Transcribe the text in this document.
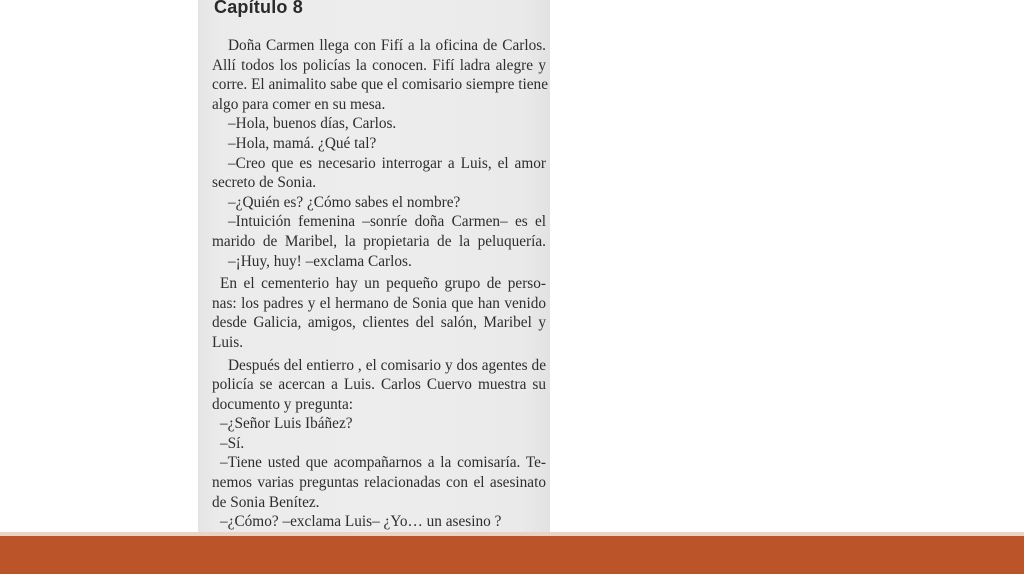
Capítulo 8
Doña Carmen llega con Fifí a la oficina de Carlos.
Allí todos los policías la conocen. Fifí ladra alegre y
corre. El animalito sabe que el comisario siempre tiene
algo para comer en su mesa.
–Hola, buenos días, Carlos.
–Hola, mamá. ¿Qué tal?
–Creo que es necesario interrogar a Luis, el amor
secreto de Sonia.
–¿Quién es? ¿Cómo sabes el nombre?
–Intuición femenina –sonríe doña Carmen– es el
marido de Maribel, la propietaria de la peluquería.
–¡Huy, huy! –exclama Carlos.
En el cementerio hay un pequeño grupo de perso-
nas: los padres y el hermano de Sonia que han venido
desde Galicia, amigos, clientes del salón, Maribel y
Luis.
Después del entierro , el comisario y dos agentes de
policía se acercan a Luis. Carlos Cuervo muestra su
documento y pregunta:
–¿Señor Luis Ibáñez?
–Sí.
–Tiene usted que acompañarnos a la comisaría. Te-
nemos varias preguntas relacionadas con el asesinato
de Sonia Benítez.
–¿Cómo? –exclama Luis– ¿Yo… un asesino ?
